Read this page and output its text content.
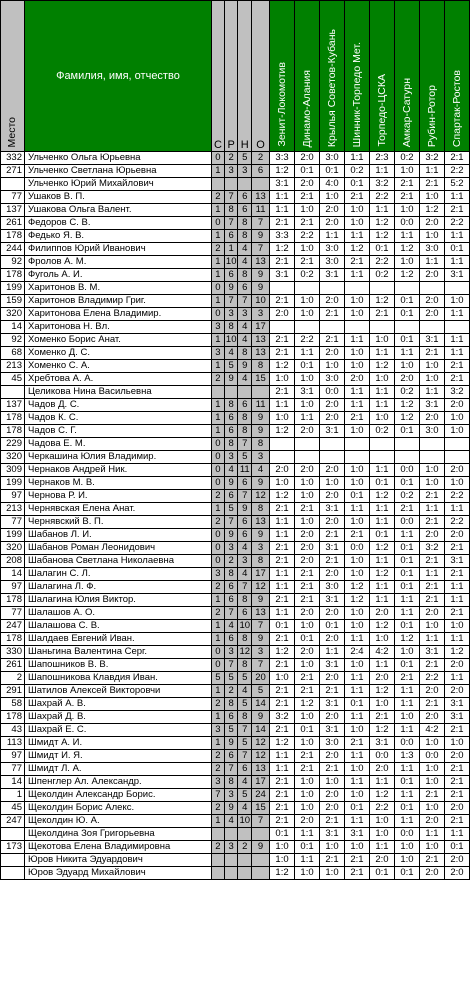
Место	Фамилия, имя, отчество	С	Р	Н	О	Зенит-Локомотив	Динамо-Алания	Крылья Советов-Кубань	Шинник-Торпедо Мет.	Торпедо-ЦСКА	Амкар-Сатурн	Рубин-Ротор	Спартак-Ростов
332	Ульченко Ольга Юрьевна	0	2	5	2	3:3	2:0	3:0	1:1	2:3	0:2	3:2	2:1
271	Ульченко Светлана Юрьевна	1	3	3	6	1:2	0:1	0:1	0:2	1:1	1:0	1:1	2:2
	Ульченко Юрий Михайлович					3:1	2:0	4:0	0:1	3:2	2:1	2:1	5:2
77	Ушаков В. П.	2	7	6	13	1:1	2:1	1:0	2:1	2:2	2:1	1:0	1:1
137	Ушакова Ольга Валент.	1	8	6	11	1:1	1:0	2:0	1:0	1:1	1:0	1:2	2:1
261	Федоров С. В.	0	7	8	7	2:1	2:1	2:0	1:0	1:2	0:0	2:0	2:2
178	Федько Я. В.	1	6	8	9	3:3	2:2	1:1	1:1	1:2	1:1	1:0	1:1
244	Филиппов Юрий Иванович	2	1	4	7	1:2	1:0	3:0	1:2	0:1	1:2	3:0	0:1
92	Фролов А. М.	1	10	4	13	2:1	2:1	3:0	2:1	2:2	1:0	1:1	1:1
178	Фуголь А. И.	1	6	8	9	3:1	0:2	3:1	1:1	0:2	1:2	2:0	3:1
199	Харитонов В. М.	0	9	6	9								
159	Харитонов Владимир Григ.	1	7	7	10	2:1	1:0	2:0	1:0	1:2	0:1	2:0	1:0
320	Харитонова Елена Владимир.	0	3	3	3	2:0	1:0	2:1	1:0	2:1	0:1	2:0	1:1
14	Харитонова Н. Вл.	3	8	4	17								
92	Хоменко Борис Анат.	1	10	4	13	2:1	2:2	2:1	1:1	1:0	0:1	3:1	1:1
68	Хоменко Д. С.	3	4	8	13	2:1	1:1	2:0	1:0	1:1	1:1	2:1	1:1
213	Хоменко С. А.	1	5	9	8	1:2	0:1	1:0	1:0	1:2	1:0	1:0	2:1
45	Хребтова А. А.	2	9	4	15	1:0	1:0	3:0	2:0	1:0	2:0	1:0	2:1
	Целикова Нина Васильевна					2:1	3:1	0:0	1:1	1:1	0:2	1:1	3:2
137	Чадов Д. С.	1	8	6	11	1:1	1:0	2:0	1:1	1:1	1:2	3:1	2:0
178	Чадов К. С.	1	6	8	9	1:0	1:1	2:0	2:1	1:0	1:2	2:0	1:0
178	Чадов С. Г.	1	6	8	9	1:2	2:0	3:1	1:0	0:2	0:1	3:0	1:0
229	Чадова Е. М.	0	8	7	8								
320	Черкашина Юлия Владимир.	0	3	5	3								
309	Чернаков Андрей Ник.	0	4	11	4	2:0	2:0	2:0	1:0	1:1	0:0	1:0	2:0
199	Чернаков М. В.	0	9	6	9	1:0	1:0	1:0	1:0	0:1	0:1	1:0	1:0
97	Чернова Р. И.	2	6	7	12	1:2	1:0	2:0	0:1	1:2	0:2	2:1	2:2
213	Чернявская Елена Анат.	1	5	9	8	2:1	2:1	3:1	1:1	1:1	2:1	1:1	1:1
77	Чернявский В. П.	2	7	6	13	1:1	1:0	2:0	1:0	1:1	0:0	2:1	2:2
199	Шабанов Л. И.	0	9	6	9	1:1	2:0	2:1	2:1	0:1	1:1	2:0	2:0
320	Шабанов Роман Леонидович	0	3	4	3	2:1	2:0	3:1	0:0	1:2	0:1	3:2	2:1
208	Шабанова Светлана Николаевна	0	2	3	8	2:1	2:0	2:1	1:0	1:1	0:1	2:1	3:1
14	Шалагин С. Л.	3	8	4	17	1:1	2:1	2:0	1:0	1:2	0:1	1:1	2:1
97	Шалагина Л. Ф.	2	6	7	12	1:1	2:1	3:0	1:2	1:1	0:1	2:1	1:1
178	Шалагина Юлия Виктор.	1	6	8	9	2:1	2:1	3:1	1:2	1:1	1:1	2:1	1:1
77	Шалашов А. О.	2	7	6	13	1:1	2:0	2:0	1:0	2:0	1:1	2:0	2:1
247	Шалашова С. В.	1	4	10	7	0:1	1:0	0:1	1:0	1:2	0:1	1:0	1:0
178	Шалдаев Евгений Иван.	1	6	8	9	2:1	0:1	2:0	1:1	1:0	1:2	1:1	1:1
330	Шаньгина Валентина Серг.	0	3	12	3	1:2	2:0	1:1	2:4	4:2	1:0	3:1	1:2
261	Шапошников В. В.	0	7	8	7	2:1	1:0	3:1	1:0	1:1	0:1	2:1	2:0
2	Шапошникова Клавдия Иван.	5	5	5	20	1:0	2:1	2:0	1:1	2:0	2:1	2:2	1:1
291	Шатилов Алексей Викторовчи	1	2	4	5	2:1	2:1	2:1	1:1	1:2	1:1	2:0	2:0
58	Шахрай А. В.	2	8	5	14	2:1	1:2	3:1	0:1	1:0	1:1	2:1	3:1
178	Шахрай Д. В.	1	6	8	9	3:2	1:0	2:0	1:1	2:1	1:0	2:0	3:1
43	Шахрай Е. С.	3	5	7	14	2:1	0:1	3:1	1:0	1:2	1:1	4:2	2:1
113	Шмидт А. И.	1	9	5	12	1:2	1:0	3:0	2:1	3:1	0:0	1:0	1:0
97	Шмидт И. Я.	2	6	7	12	1:1	2:1	2:0	1:1	0:0	1:3	0:0	2:0
77	Шмидт Л. А.	2	7	6	13	1:1	2:1	2:1	1:0	2:0	1:1	1:0	2:1
14	Шпенглер Ал. Александр.	3	8	4	17	2:1	1:0	1:0	1:1	1:1	0:1	1:0	2:1
1	Щеколдин Александр Борис.	7	3	5	24	2:1	1:0	2:0	1:0	1:2	1:1	2:1	2:1
45	Щеколдин Борис Алекс.	2	9	4	15	2:1	1:0	2:0	0:1	2:2	0:1	1:0	2:0
247	Щеколдин Ю. А.	1	4	10	7	2:1	2:0	2:1	1:1	1:0	1:1	2:0	2:1
	Щеколдина Зоя Григорьевна					0:1	1:1	3:1	3:1	1:0	0:0	1:1	1:1
173	Щекотова Елена Владимировна	2	3	2	9	1:0	0:1	1:0	1:0	1:1	1:0	1:0	0:1
	Юров Никита Эдуардович					1:0	1:1	2:1	2:1	2:0	1:0	2:1	2:0
	Юров Эдуард Михайлович					1:2	1:0	1:0	2:1	0:1	0:1	2:0	2:0
